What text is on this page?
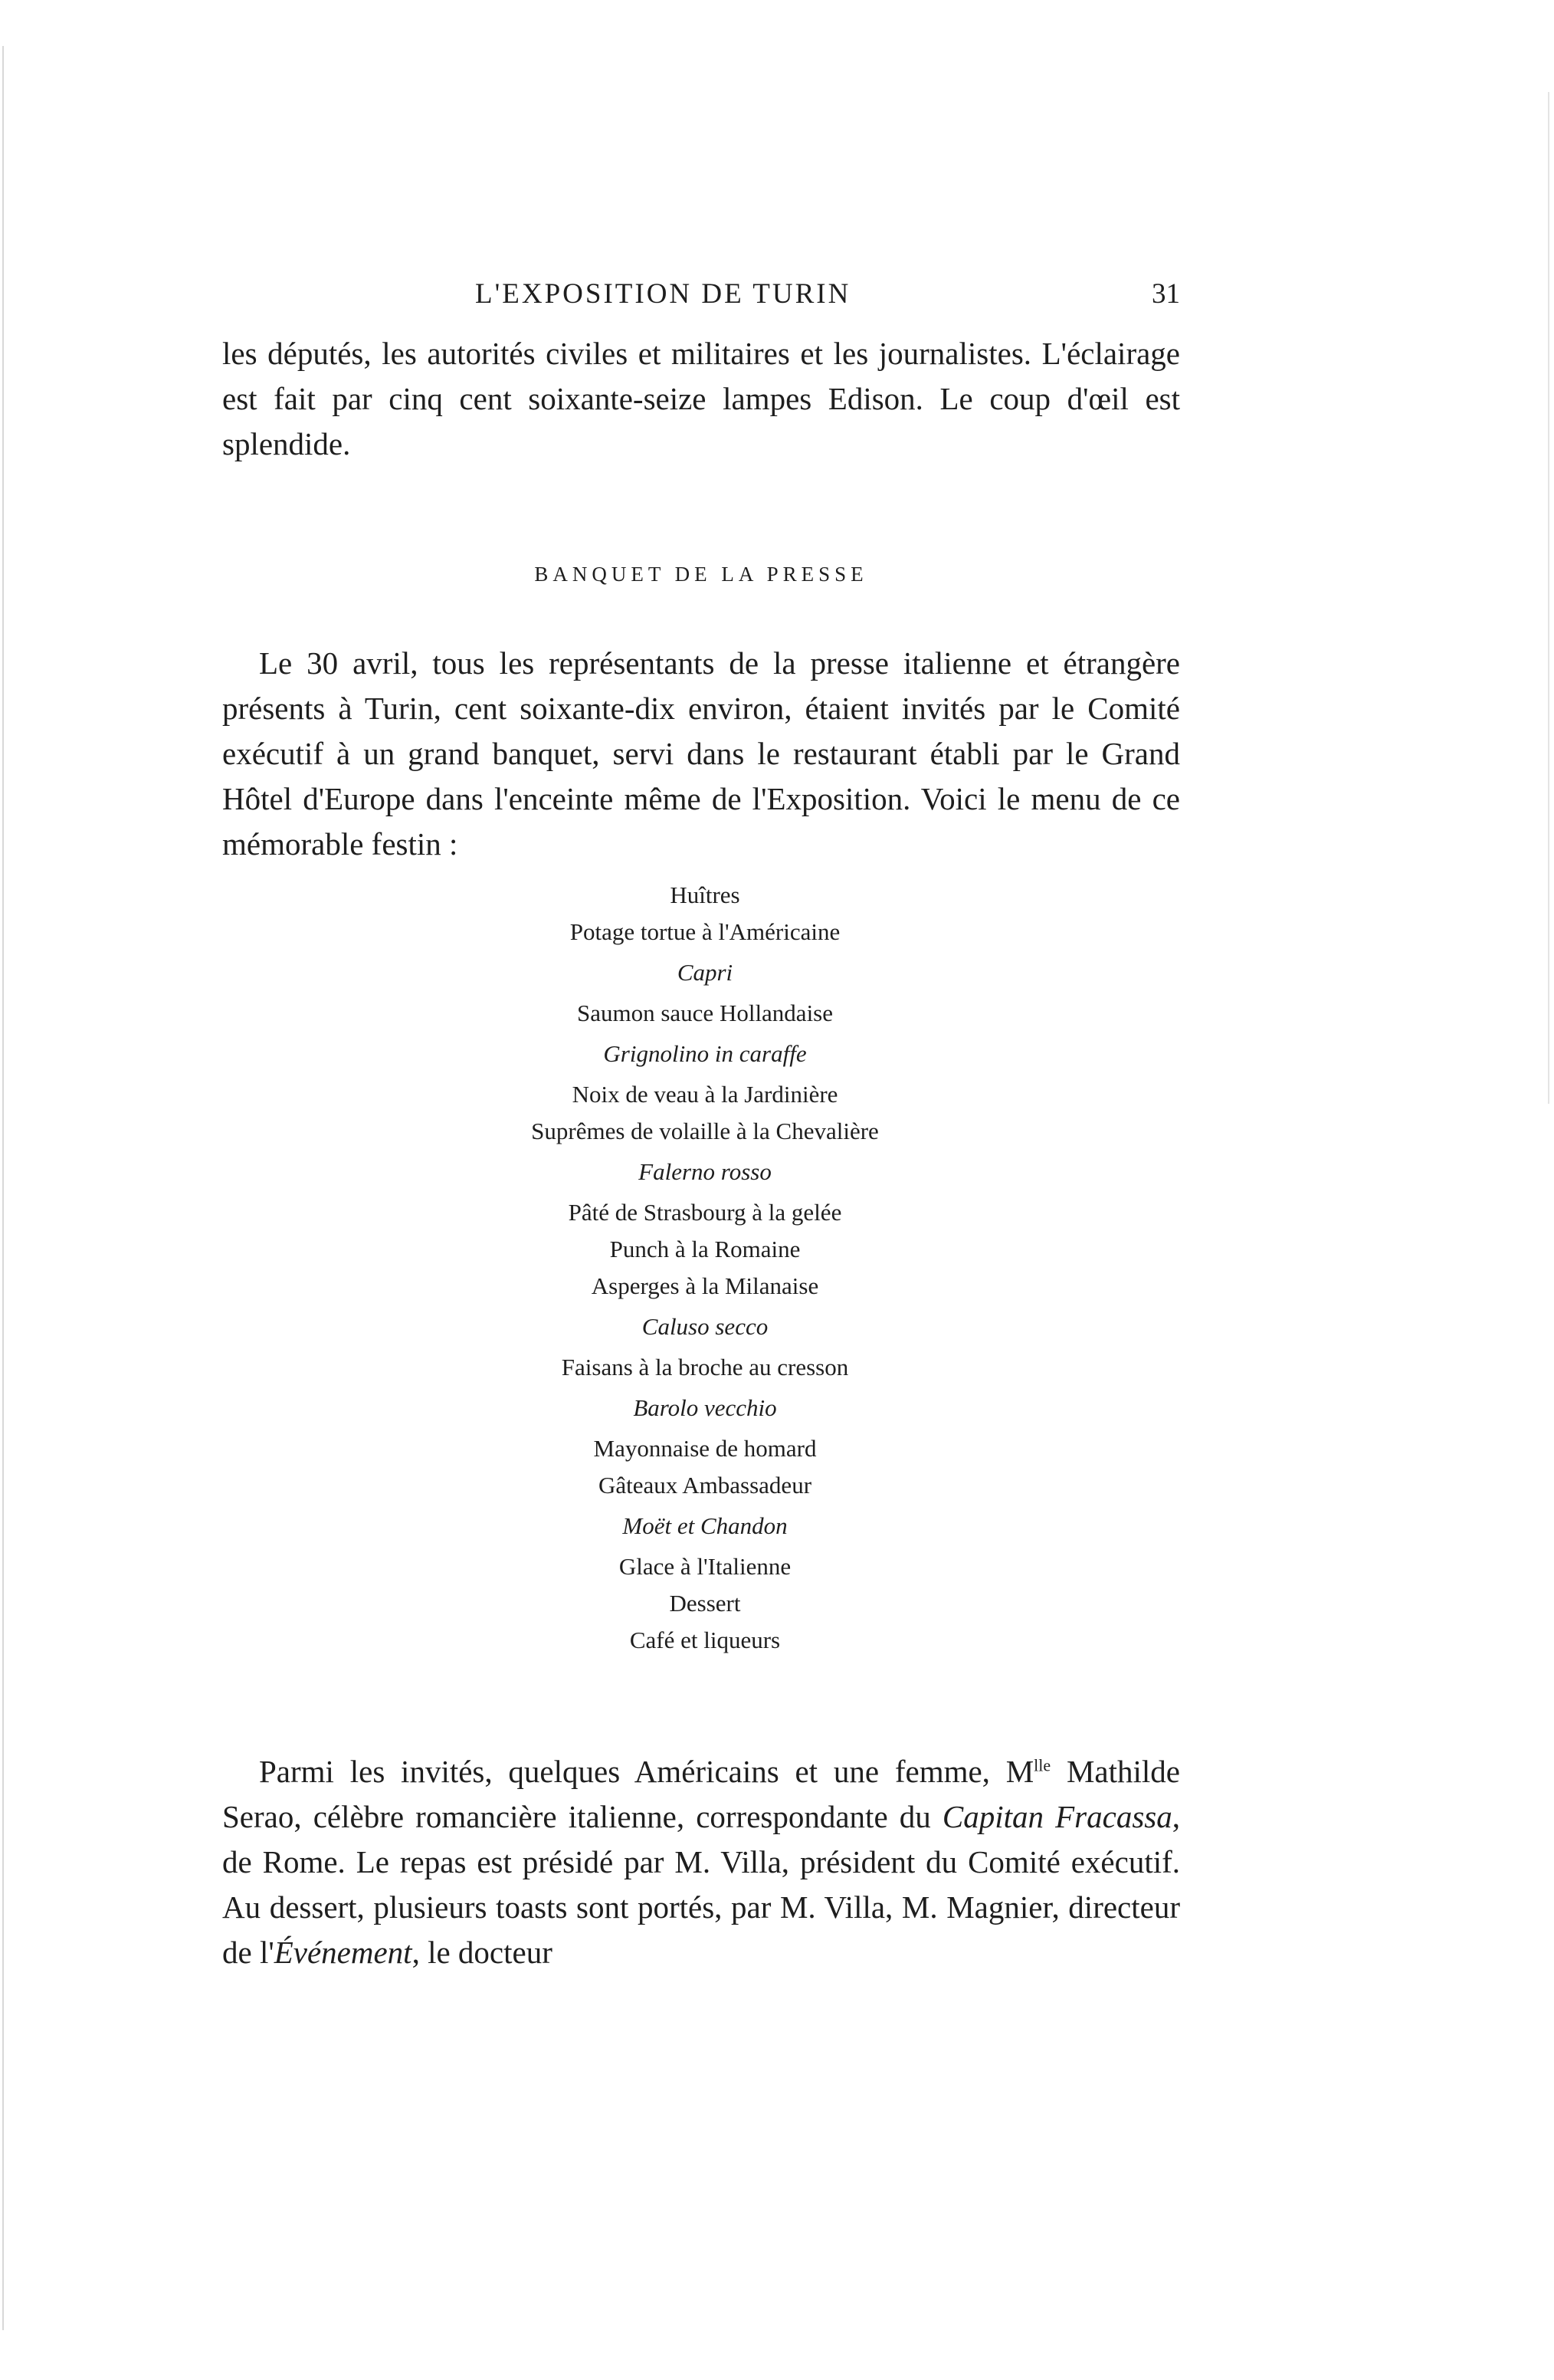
L'EXPOSITION DE TURIN	31

les députés, les autorités civiles et militaires et les journalistes. L'éclairage est fait par cinq cent soixante-seize lampes Edison. Le coup d'œil est splendide.

BANQUET DE LA PRESSE

Le 30 avril, tous les représentants de la presse italienne et étrangère présents à Turin, cent soixante-dix environ, étaient invités par le Comité exécutif à un grand banquet, servi dans le restaurant établi par le Grand Hôtel d'Europe dans l'enceinte même de l'Exposition. Voici le menu de ce mémorable festin :

Huîtres
Potage tortue à l'Américaine
Capri
Saumon sauce Hollandaise
Grignolino in caraffe
Noix de veau à la Jardinière
Suprêmes de volaille à la Chevalière
Falerno rosso
Pâté de Strasbourg à la gelée
Punch à la Romaine
Asperges à la Milanaise
Caluso secco
Faisans à la broche au cresson
Barolo vecchio
Mayonnaise de homard
Gâteaux Ambassadeur
Moët et Chandon
Glace à l'Italienne
Dessert
Café et liqueurs

Parmi les invités, quelques Américains et une femme, $M^{lle}$ Mathilde Serao, célèbre romancière italienne, correspondante du Capitan Fracassa, de Rome. Le repas est présidé par M. Villa, président du Comité exécutif. Au dessert, plusieurs toasts sont portés, par M. Villa, M. Magnier, directeur de l'Événement, le docteur
